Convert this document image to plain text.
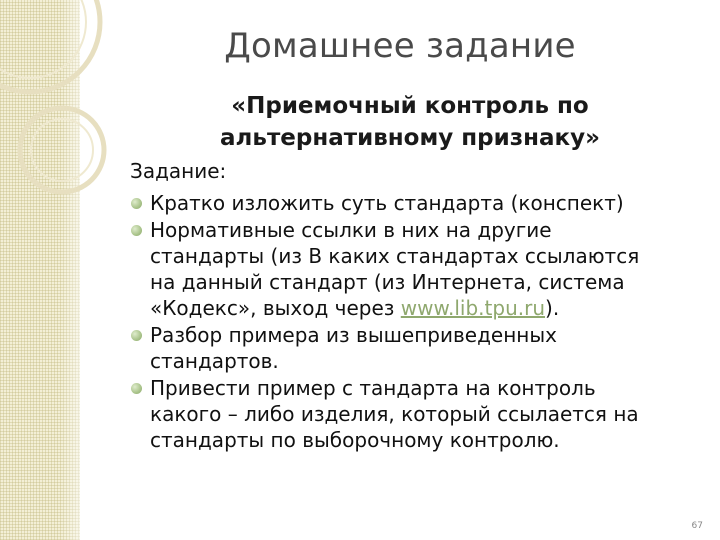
Домашнее задание
«Приемочный контроль по
альтернативному признаку»
Задание:
Кратко изложить суть стандарта (конспект)
Нормативные ссылки в них на другие
стандарты (из В каких стандартах ссылаются
на данный стандарт (из Интернета, система
«Кодекс», выход через www.lib.tpu.ru).
Разбор примера из вышеприведенных
стандартов.
Привести пример с тандарта на контроль
какого – либо изделия, который ссылается на
стандарты по выборочному контролю.
67
